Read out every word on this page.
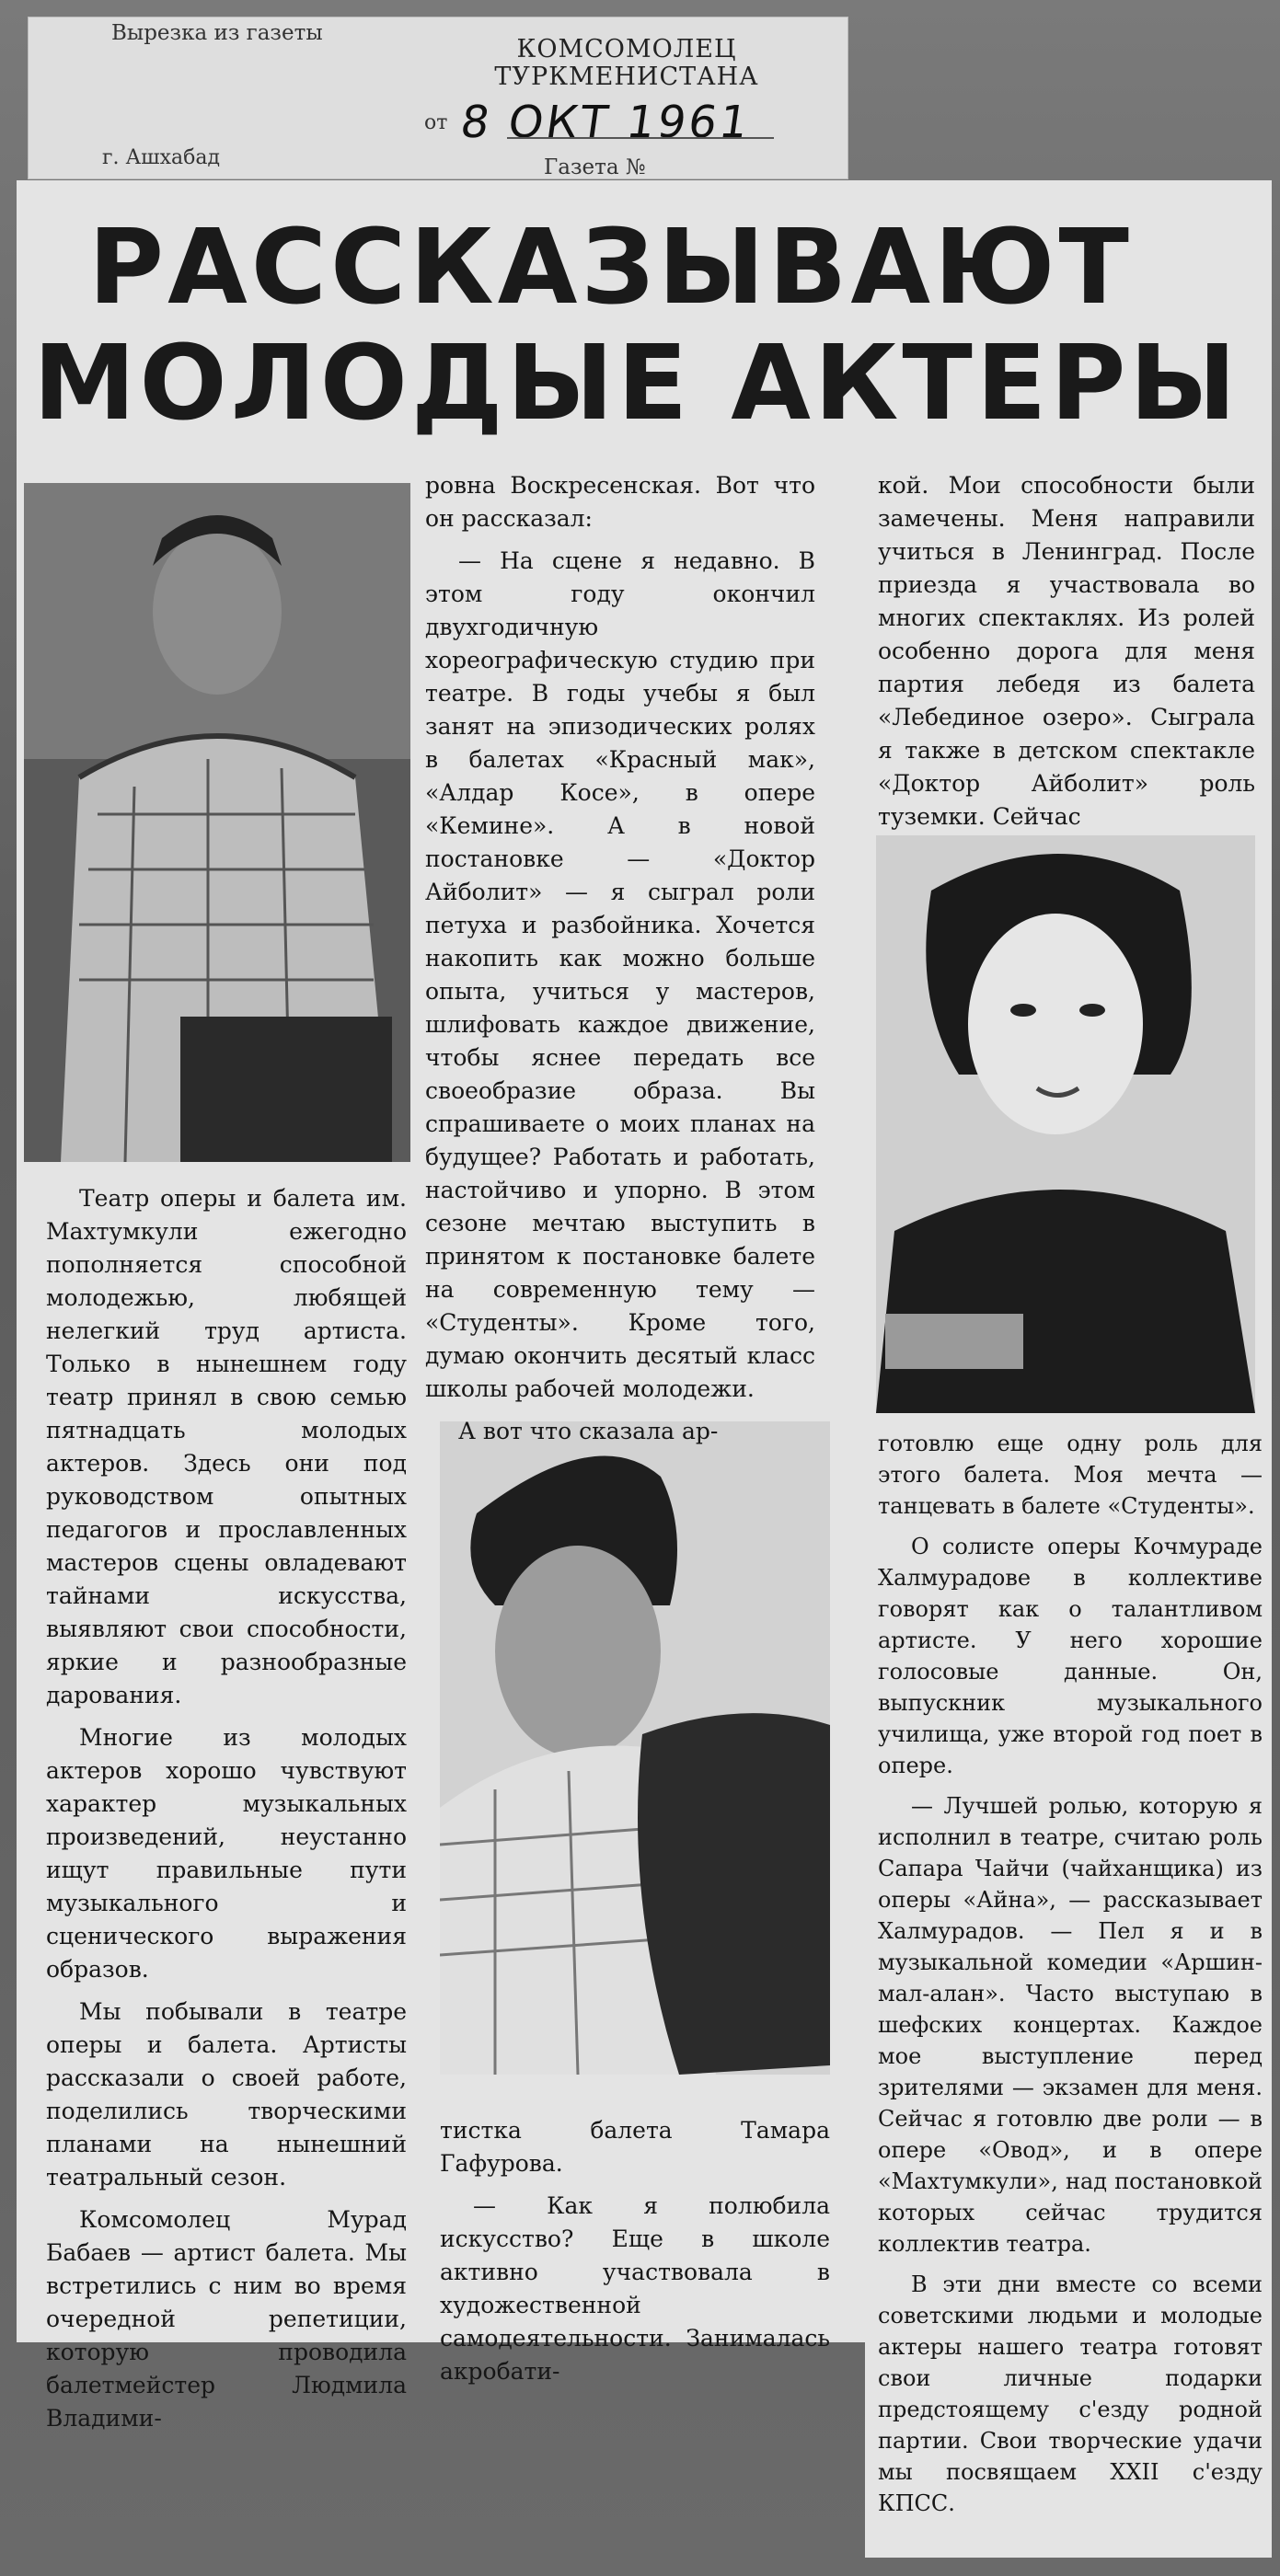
Вырезка из газеты
г. Ашхабад
КОМСОМОЛЕЦ
ТУРКМЕНИСТАНА
от 8 ОКТ 1961
Газета №
РАССКАЗЫВАЮТ
МОЛОДЫЕ АКТЕРЫ

Театр оперы и балета им. Махтумкули ежегодно пополняется способной молодежью, любящей нелегкий труд артиста. Только в нынешнем году театр принял в свою семью пятнадцать молодых актеров. Здесь они под руководством опытных педагогов и прославленных мастеров сцены овладевают тайнами искусства, выявляют свои способности, яркие и разнообразные дарования.

Многие из молодых актеров хорошо чувствуют характер музыкальных произведений, неустанно ищут правильные пути музыкального и сценического выражения образов.

Мы побывали в театре оперы и балета. Артисты рассказали о своей работе, поделились творческими планами на нынешний театральный сезон.

Комсомолец Мурад Бабаев — артист балета. Мы встретились с ним во время очередной репетиции, которую проводила балетмейстер Людмила Владими-

ровна Воскресенская. Вот что он рассказал:

— На сцене я недавно. В этом году окончил двухгодичную хореографическую студию при театре. В годы учебы я был занят на эпизодических ролях в балетах «Красный мак», «Алдар Косе», в опере «Кемине». А в новой постановке — «Доктор Айболит» — я сыграл роли петуха и разбойника. Хочется накопить как можно больше опыта, учиться у мастеров, шлифовать каждое движение, чтобы яснее передать все своеобразие образа. Вы спрашиваете о моих планах на будущее? Работать и работать, настойчиво и упорно. В этом сезоне мечтаю выступить в принятом к постановке балете на современную тему — «Студенты». Кроме того, думаю окончить десятый класс школы рабочей молодежи.

А вот что сказала ар-

тистка балета Тамара Гафурова.

— Как я полюбила искусство? Еще в школе активно участвовала в художественной самодеятельности. Занималась акробати-

кой. Мои способности были замечены. Меня направили учиться в Ленинград. После приезда я участвовала во многих спектаклях. Из ролей особенно дорога для меня партия лебедя из балета «Лебединое озеро». Сыграла я также в детском спектакле «Доктор Айболит» роль туземки. Сейчас

готовлю еще одну роль для этого балета. Моя мечта — танцевать в балете «Студенты».

О солисте оперы Кочмураде Халмурадове в коллективе говорят как о талантливом артисте. У него хорошие голосовые данные. Он, выпускник музыкального училища, уже второй год поет в опере.

— Лучшей ролью, которую я исполнил в театре, считаю роль Сапара Чайчи (чайханщика) из оперы «Айна», — рассказывает Халмурадов. — Пел я и в музыкальной комедии «Аршин-мал-алан». Часто выступаю в шефских концертах. Каждое мое выступление перед зрителями — экзамен для меня. Сейчас я готовлю две роли — в опере «Овод», и в опере «Махтумкули», над постановкой которых сейчас трудится коллектив театра.

В эти дни вместе со всеми советскими людьми и молодые актеры нашего театра готовят свои личные подарки предстоящему с'езду родной партии. Свои творческие удачи мы посвящаем XXII с'езду КПСС.
